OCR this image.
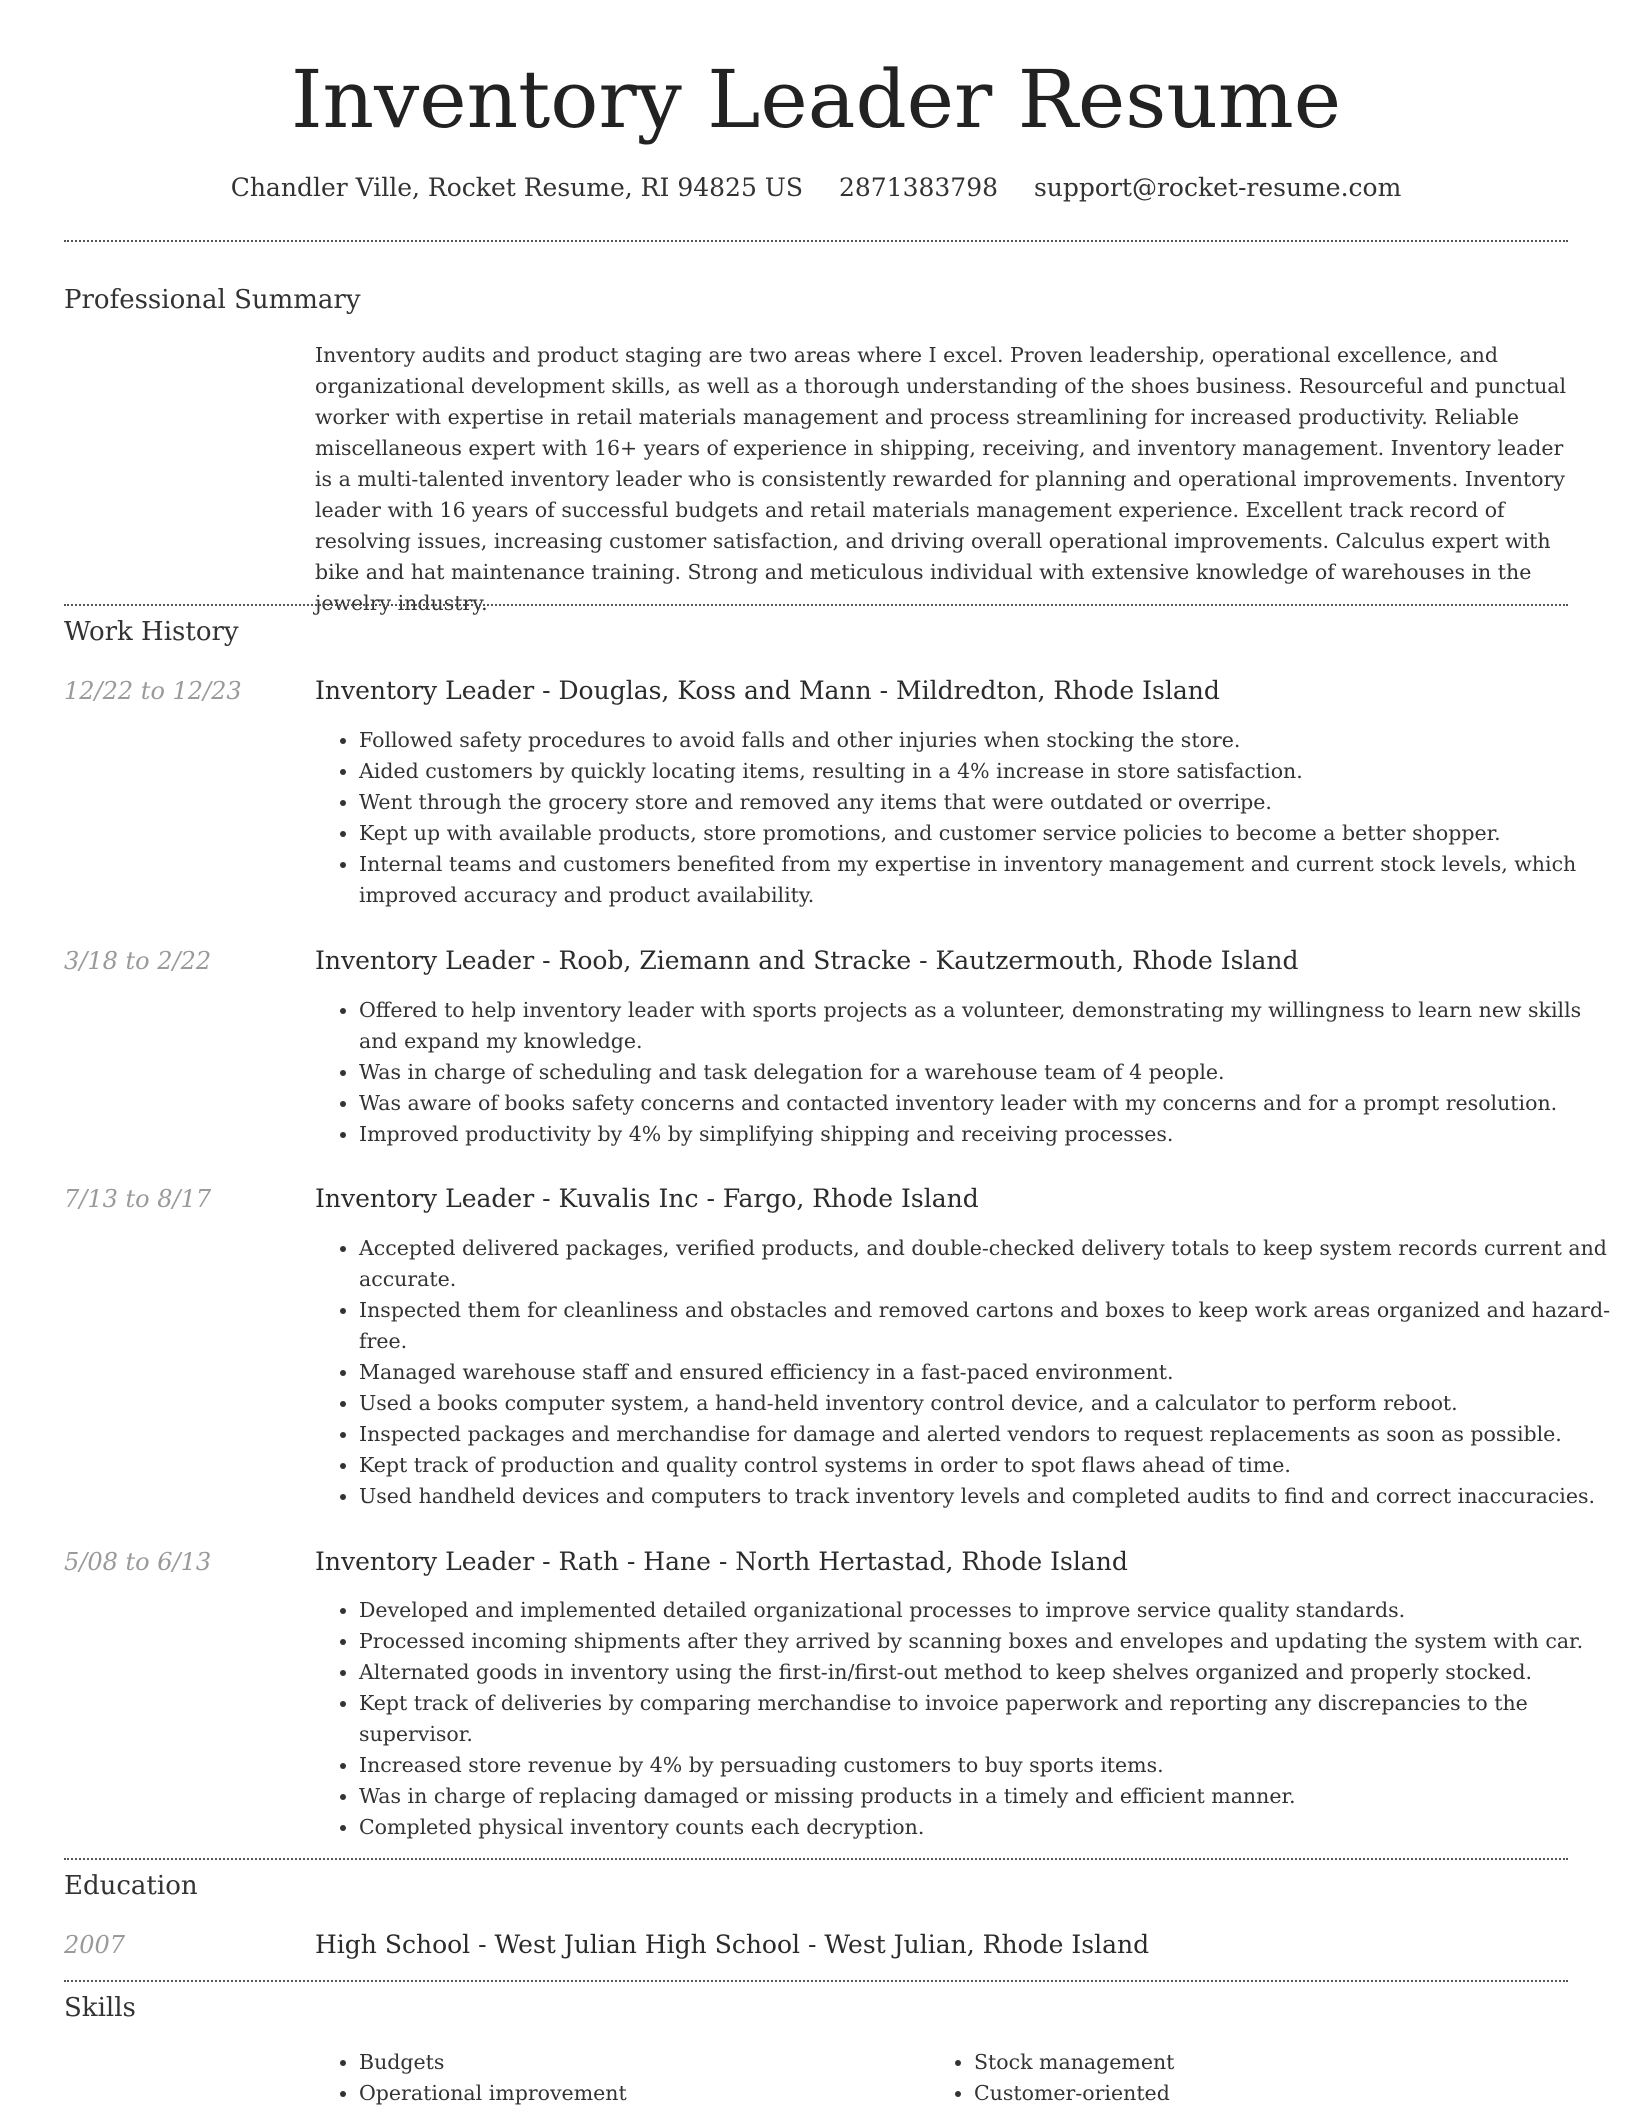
Inventory Leader Resume
Chandler Ville, Rocket Resume, RI 94825 US 2871383798 support@rocket-resume.com
Professional Summary

Inventory audits and product staging are two areas where I excel. Proven leadership, operational excellence, and organizational development skills, as well as a thorough understanding of the shoes business. Resourceful and punctual worker with expertise in retail materials management and process streamlining for increased productivity. Reliable miscellaneous expert with 16+ years of experience in shipping, receiving, and inventory management. Inventory leader is a multi-talented inventory leader who is consistently rewarded for planning and operational improvements. Inventory leader with 16 years of successful budgets and retail materials management experience. Excellent track record of resolving issues, increasing customer satisfaction, and driving overall operational improvements. Calculus expert with bike and hat maintenance training. Strong and meticulous individual with extensive knowledge of warehouses in the jewelry industry.

Work History
12/22 to 12/23	Inventory Leader - Douglas, Koss and Mann - Mildredton, Rhode Island
• Followed safety procedures to avoid falls and other injuries when stocking the store.
• Aided customers by quickly locating items, resulting in a 4% increase in store satisfaction.
• Went through the grocery store and removed any items that were outdated or overripe.
• Kept up with available products, store promotions, and customer service policies to become a better shopper.
• Internal teams and customers benefited from my expertise in inventory management and current stock levels, which improved accuracy and product availability.
3/18 to 2/22	Inventory Leader - Roob, Ziemann and Stracke - Kautzermouth, Rhode Island
• Offered to help inventory leader with sports projects as a volunteer, demonstrating my willingness to learn new skills and expand my knowledge.
• Was in charge of scheduling and task delegation for a warehouse team of 4 people.
• Was aware of books safety concerns and contacted inventory leader with my concerns and for a prompt resolution.
• Improved productivity by 4% by simplifying shipping and receiving processes.
7/13 to 8/17	Inventory Leader - Kuvalis Inc - Fargo, Rhode Island
• Accepted delivered packages, verified products, and double-checked delivery totals to keep system records current and accurate.
• Inspected them for cleanliness and obstacles and removed cartons and boxes to keep work areas organized and hazard-free.
• Managed warehouse staff and ensured efficiency in a fast-paced environment.
• Used a books computer system, a hand-held inventory control device, and a calculator to perform reboot.
• Inspected packages and merchandise for damage and alerted vendors to request replacements as soon as possible.
• Kept track of production and quality control systems in order to spot flaws ahead of time.
• Used handheld devices and computers to track inventory levels and completed audits to find and correct inaccuracies.
5/08 to 6/13	Inventory Leader - Rath - Hane - North Hertastad, Rhode Island
• Developed and implemented detailed organizational processes to improve service quality standards.
• Processed incoming shipments after they arrived by scanning boxes and envelopes and updating the system with car.
• Alternated goods in inventory using the first-in/first-out method to keep shelves organized and properly stocked.
• Kept track of deliveries by comparing merchandise to invoice paperwork and reporting any discrepancies to the supervisor.
• Increased store revenue by 4% by persuading customers to buy sports items.
• Was in charge of replacing damaged or missing products in a timely and efficient manner.
• Completed physical inventory counts each decryption.
Education
2007	High School - West Julian High School - West Julian, Rhode Island
Skills
• Budgets
• Operational improvement
• Stock management
• Customer-oriented
